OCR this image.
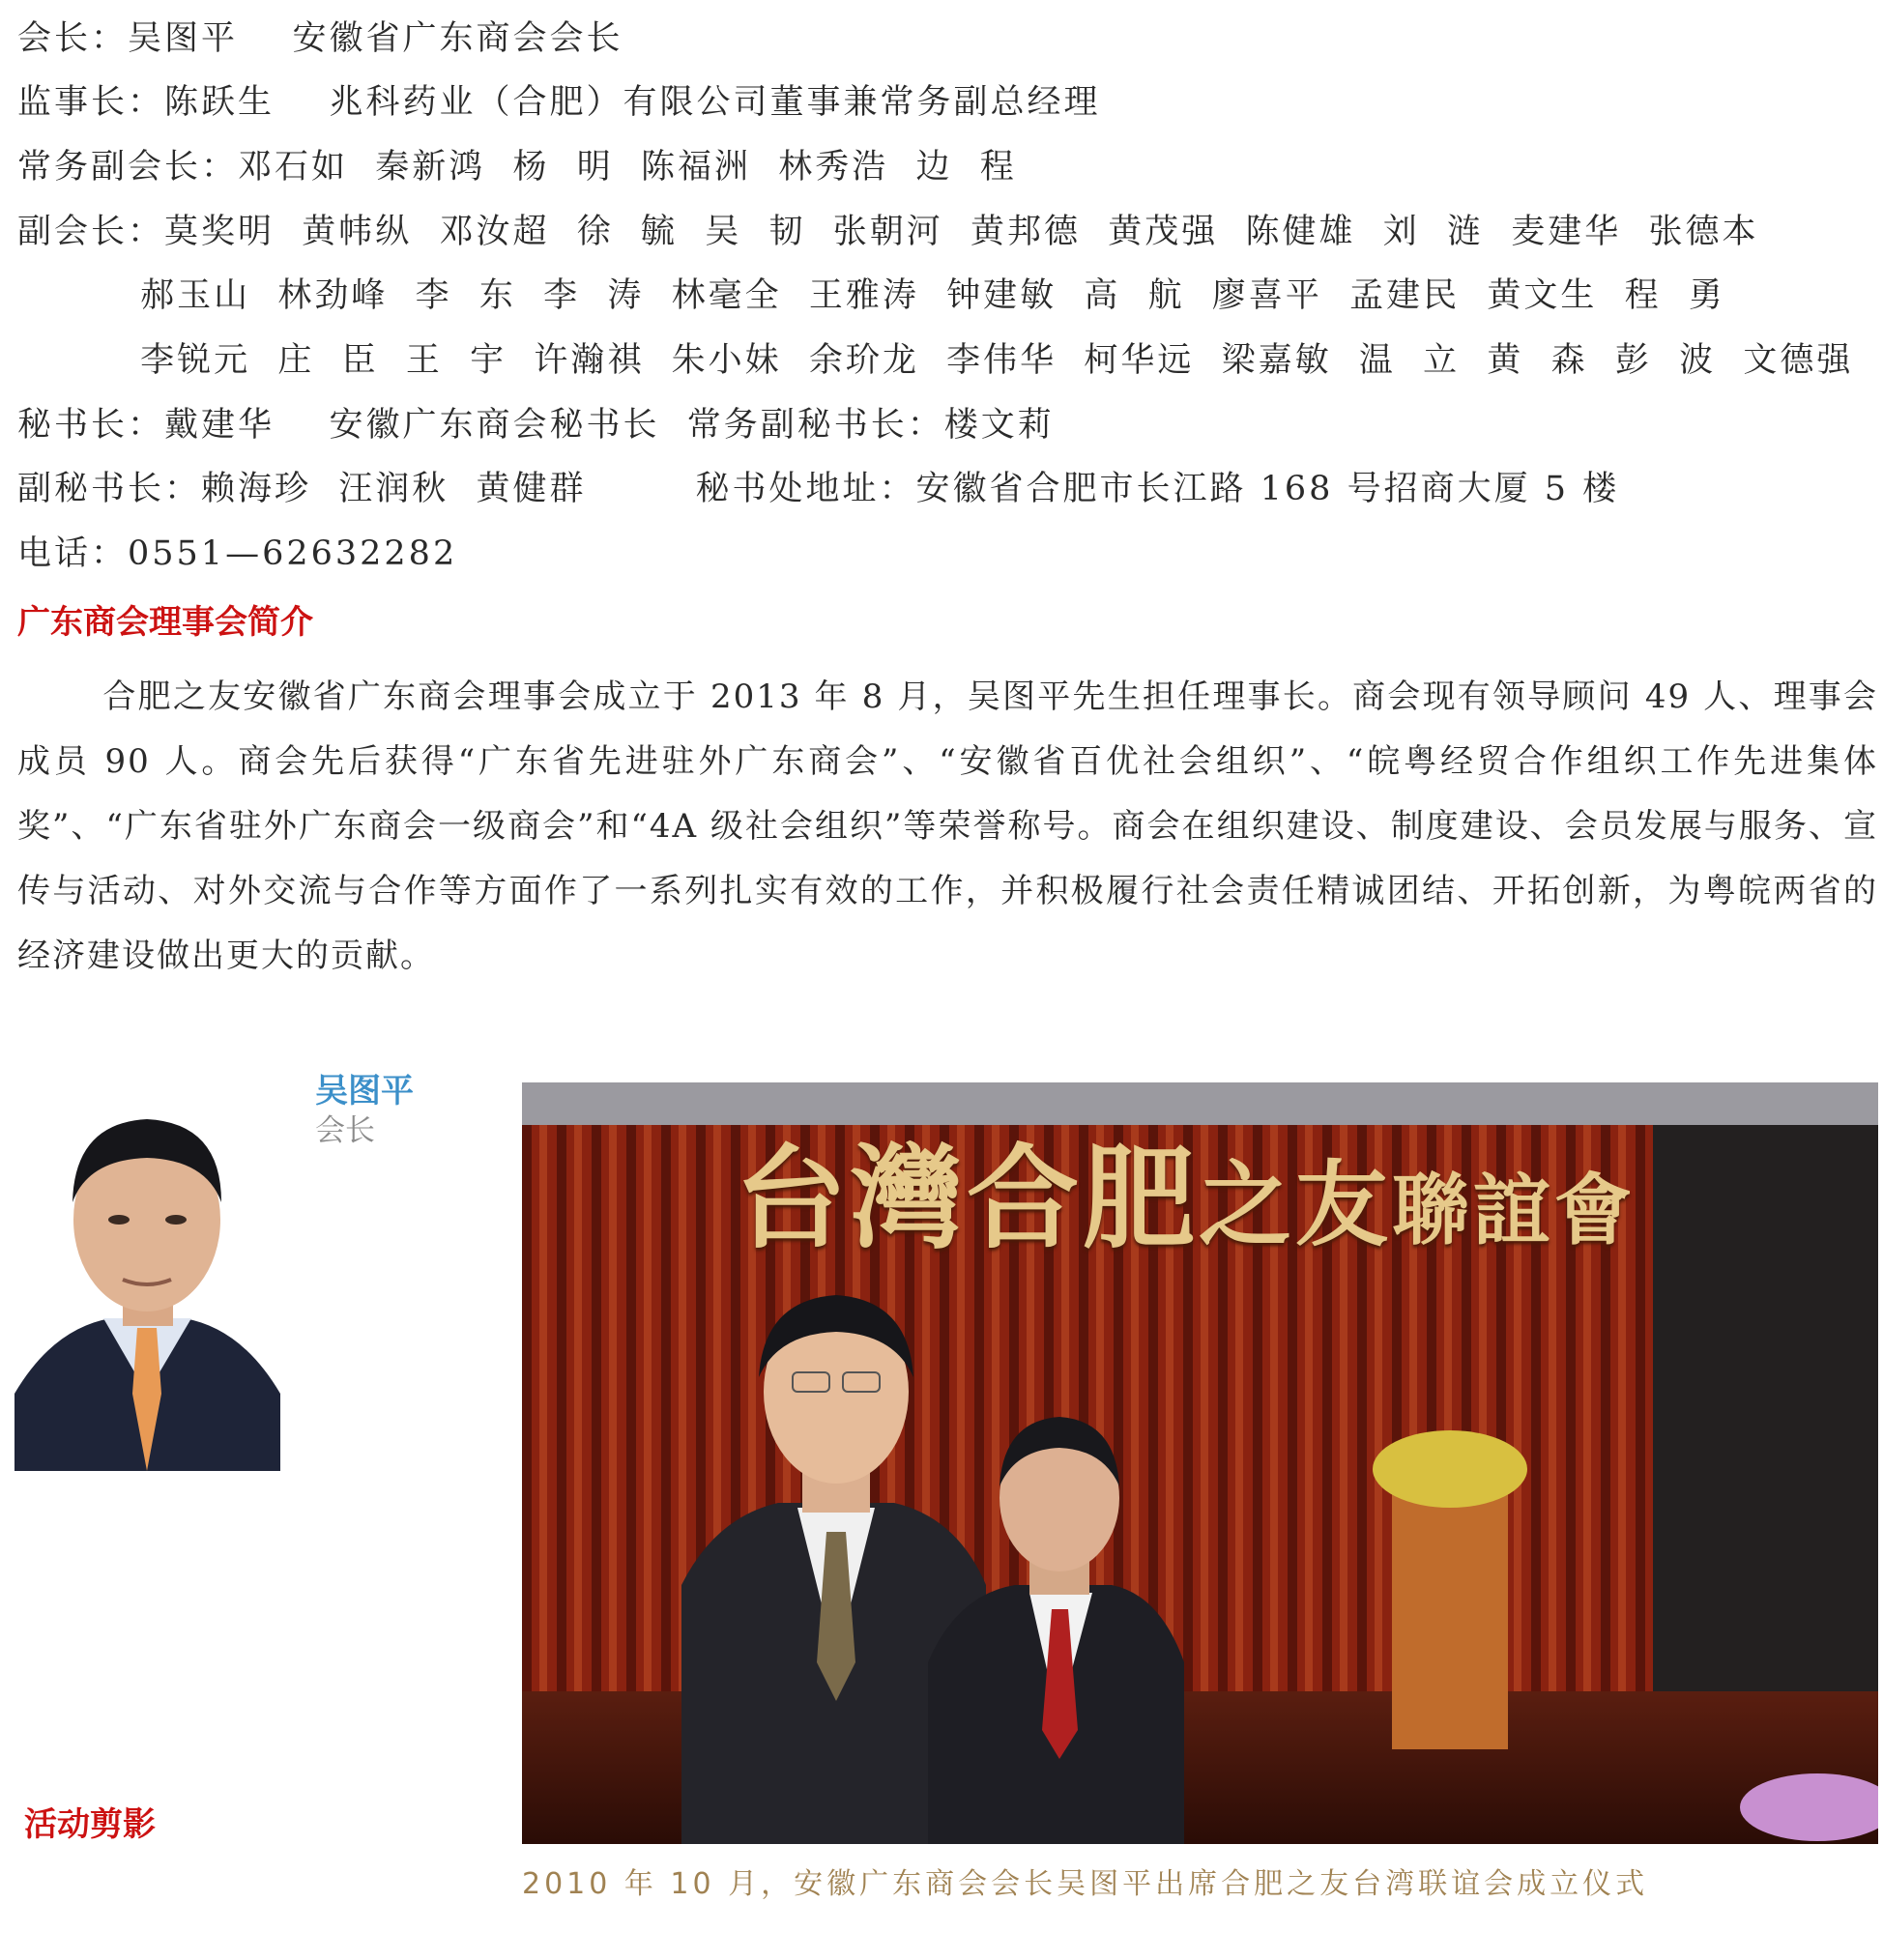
会长：吴图平    安徽省广东商会会长
监事长：陈跃生    兆科药业（合肥）有限公司董事兼常务副总经理
常务副会长：邓石如  秦新鸿  杨  明  陈福洲  林秀浩  边  程
副会长：莫奖明  黄帏纵  邓汝超  徐  毓  吴  韧  张朝河  黄邦德  黄茂强  陈健雄  刘  涟  麦建华  张德本
郝玉山  林劲峰  李  东  李  涛  林毫全  王雅涛  钟建敏  高  航  廖喜平  孟建民  黄文生  程  勇
李锐元  庄  臣  王  宇  许瀚祺  朱小妹  余玠龙  李伟华  柯华远  梁嘉敏  温  立  黄  森  彭  波  文德强
秘书长：戴建华    安徽广东商会秘书长  常务副秘书长：楼文莉
副秘书长：赖海珍  汪润秋  黄健群        秘书处地址：安徽省合肥市长江路 168 号招商大厦 5 楼
电话：0551—62632282
广东商会理事会简介

合肥之友安徽省广东商会理事会成立于 2013 年 8 月，吴图平先生担任理事长。商会现有领导顾问 49 人、理事会成员 90 人。商会先后获得“广东省先进驻外广东商会”、“安徽省百优社会组织”、“皖粤经贸合作组织工作先进集体奖”、“广东省驻外广东商会一级商会”和“4A 级社会组织”等荣誉称号。商会在组织建设、制度建设、会员发展与服务、宣传与活动、对外交流与合作等方面作了一系列扎实有效的工作，并积极履行社会责任精诚团结、开拓创新，为粤皖两省的经济建设做出更大的贡献。

吴图平
会长
台灣合肥之友聯誼會
活动剪影
2010 年 10 月，安徽广东商会会长吴图平出席合肥之友台湾联谊会成立仪式
